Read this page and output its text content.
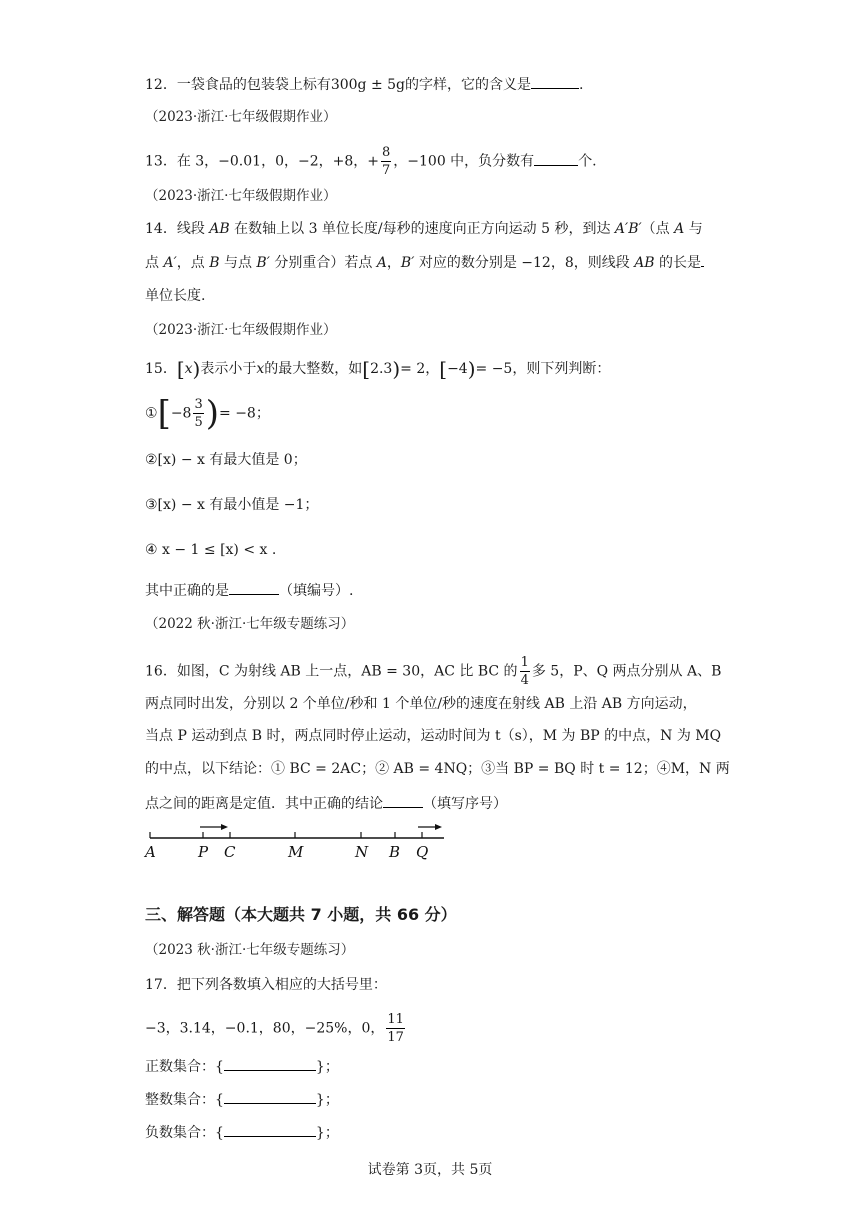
12．一袋食品的包装袋上标有300g ± 5g的字样，它的含义是	.
（2023·浙江·七年级假期作业）
13．在 3，−0.01，0，−2，+8，+ $\frac{8}{7}$ ，−100 中，负分数有	个.
（2023·浙江·七年级假期作业）
14．线段 AB 在数轴上以 3 单位长度/每秒的速度向正方向运动 5 秒，到达 A′B′（点 A 与
点 A′，点 B 与点 B′ 分别重合）若点 A，B′ 对应的数分别是 −12，8，则线段 AB 的长是
单位长度.
（2023·浙江·七年级假期作业）
15．[x)表示小于x的最大整数，如[2.3)= 2，[−4)= −5，则下列判断：
①[−8 $\frac{3}{5}$ )= −8；
②[x) − x 有最大值是 0；
③[x) − x 有最小值是 −1；
④ x − 1 ≤ [x) < x .
其中正确的是	（填编号）.
（2022 秋·浙江·七年级专题练习）
16．如图，C 为射线 AB 上一点，AB = 30，AC 比 BC 的 $\frac{1}{4}$ 多 5，P、Q 两点分别从 A、B
两点同时出发，分别以 2 个单位/秒和 1 个单位/秒的速度在射线 AB 上沿 AB 方向运动，
当点 P 运动到点 B 时，两点同时停止运动，运动时间为 t（s），M 为 BP 的中点，N 为 MQ
的中点，以下结论：① BC = 2AC；② AB = 4NQ；③当 BP = BQ 时 t = 12；④M，N 两
点之间的距离是定值．其中正确的结论	（填写序号）
A	P C	M	N B Q
三、解答题（本大题共 7 小题，共 66 分）
（2023 秋·浙江·七年级专题练习）
17．把下列各数填入相应的大括号里：
−3，3.14，−0.1，80，−25%，0， $\frac{11}{17}$
正数集合：{	}；
整数集合：{	}；
负数集合：{	}；
试卷第 3页，共 5页
